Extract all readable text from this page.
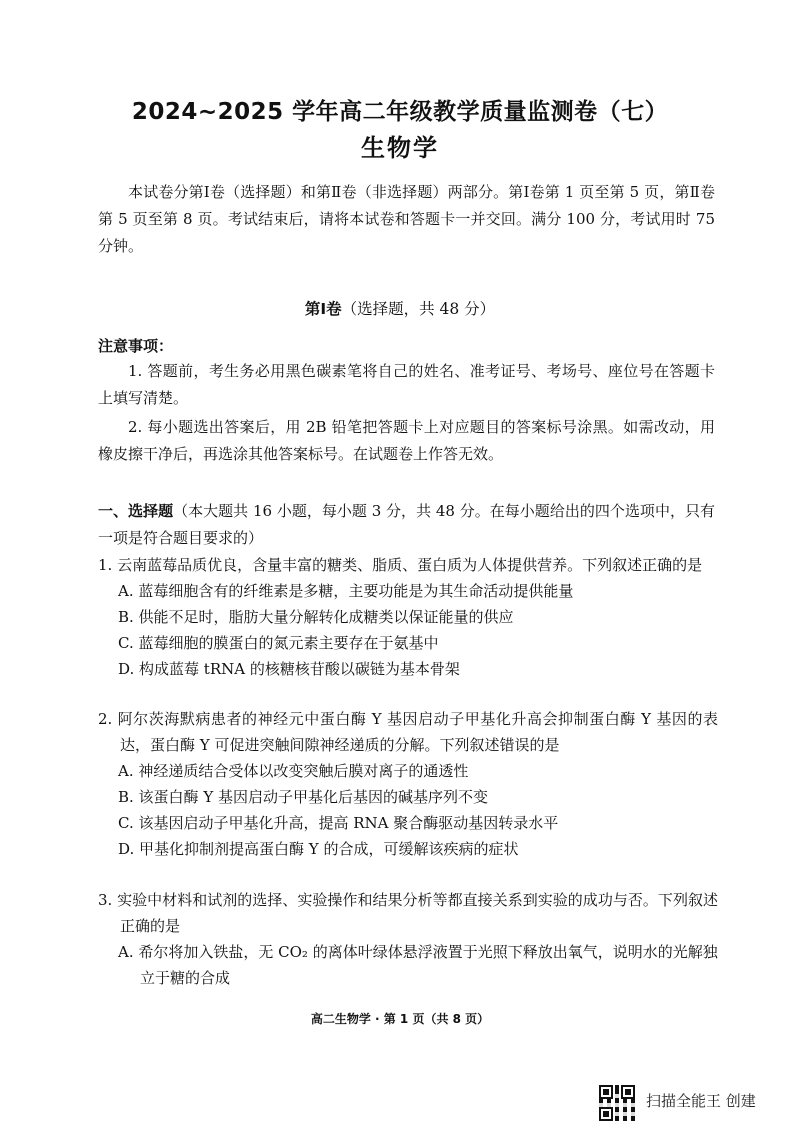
2024~2025 学年高二年级教学质量监测卷（七）
生物学
本试卷分第Ⅰ卷（选择题）和第Ⅱ卷（非选择题）两部分。第Ⅰ卷第 1 页至第 5 页，第Ⅱ卷第 5 页至第 8 页。考试结束后，请将本试卷和答题卡一并交回。满分 100 分，考试用时 75 分钟。
第Ⅰ卷（选择题，共 48 分）
注意事项：
1. 答题前，考生务必用黑色碳素笔将自己的姓名、准考证号、考场号、座位号在答题卡上填写清楚。
2. 每小题选出答案后，用 2B 铅笔把答题卡上对应题目的答案标号涂黑。如需改动，用橡皮擦干净后，再选涂其他答案标号。在试题卷上作答无效。
一、选择题（本大题共 16 小题，每小题 3 分，共 48 分。在每小题给出的四个选项中，只有一项是符合题目要求的）
1. 云南蓝莓品质优良，含量丰富的糖类、脂质、蛋白质为人体提供营养。下列叙述正确的是
A. 蓝莓细胞含有的纤维素是多糖，主要功能是为其生命活动提供能量
B. 供能不足时，脂肪大量分解转化成糖类以保证能量的供应
C. 蓝莓细胞的膜蛋白的氮元素主要存在于氨基中
D. 构成蓝莓 tRNA 的核糖核苷酸以碳链为基本骨架
2. 阿尔茨海默病患者的神经元中蛋白酶 Y 基因启动子甲基化升高会抑制蛋白酶 Y 基因的表达，蛋白酶 Y 可促进突触间隙神经递质的分解。下列叙述错误的是
A. 神经递质结合受体以改变突触后膜对离子的通透性
B. 该蛋白酶 Y 基因启动子甲基化后基因的碱基序列不变
C. 该基因启动子甲基化升高，提高 RNA 聚合酶驱动基因转录水平
D. 甲基化抑制剂提高蛋白酶 Y 的合成，可缓解该疾病的症状
3. 实验中材料和试剂的选择、实验操作和结果分析等都直接关系到实验的成功与否。下列叙述正确的是
A. 希尔将加入铁盐，无 CO₂ 的离体叶绿体悬浮液置于光照下释放出氧气，说明水的光解独立于糖的合成
高二生物学 · 第 1 页（共 8 页）
扫描全能王 创建
